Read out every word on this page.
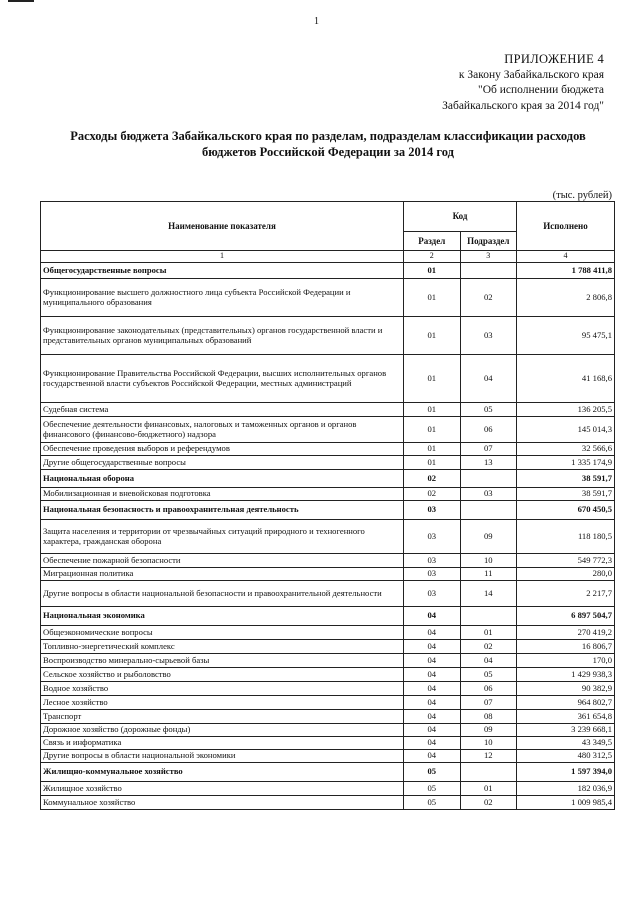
1
ПРИЛОЖЕНИЕ 4
к Закону Забайкальского края
"Об исполнении бюджета
Забайкальского края за 2014 год"
Расходы бюджета Забайкальского края по разделам, подразделам классификации расходов
бюджетов Российской Федерации за 2014 год
(тыс. рублей)
Наименование показателя	Код		Исполнено
	Раздел	Подраздел	
1	2	3	4
Общегосударственные вопросы	01		1 788 411,8
Функционирование высшего должностного лица субъекта Российской Федерации и муниципального образования	01	02	2 806,8
Функционирование законодательных (представительных) органов государственной власти и представительных органов муниципальных образований	01	03	95 475,1
Функционирование Правительства Российской Федерации, высших исполнительных органов государственной власти субъектов Российской Федерации, местных администраций	01	04	41 168,6
Судебная система	01	05	136 205,5
Обеспечение деятельности финансовых, налоговых и таможенных органов и органов финансового (финансово-бюджетного) надзора	01	06	145 014,3
Обеспечение проведения выборов и референдумов	01	07	32 566,6
Другие общегосударственные вопросы	01	13	1 335 174,9
Национальная оборона	02		38 591,7
Мобилизационная и вневойсковая подготовка	02	03	38 591,7
Национальная безопасность и правоохранительная деятельность	03		670 450,5
Защита населения и территории от чрезвычайных ситуаций природного и техногенного характера, гражданская оборона	03	09	118 180,5
Обеспечение пожарной безопасности	03	10	549 772,3
Миграционная политика	03	11	280,0
Другие вопросы в области национальной безопасности и правоохранительной деятельности	03	14	2 217,7
Национальная экономика	04		6 897 504,7
Общеэкономические вопросы	04	01	270 419,2
Топливно-энергетический комплекс	04	02	16 806,7
Воспроизводство минерально-сырьевой базы	04	04	170,0
Сельское хозяйство и рыболовство	04	05	1 429 938,3
Водное хозяйство	04	06	90 382,9
Лесное хозяйство	04	07	964 802,7
Транспорт	04	08	361 654,8
Дорожное хозяйство (дорожные фонды)	04	09	3 239 668,1
Связь и информатика	04	10	43 349,5
Другие вопросы в области национальной экономики	04	12	480 312,5
Жилищно-коммунальное хозяйство	05		1 597 394,0
Жилищное хозяйство	05	01	182 036,9
Коммунальное хозяйство	05	02	1 009 985,4
